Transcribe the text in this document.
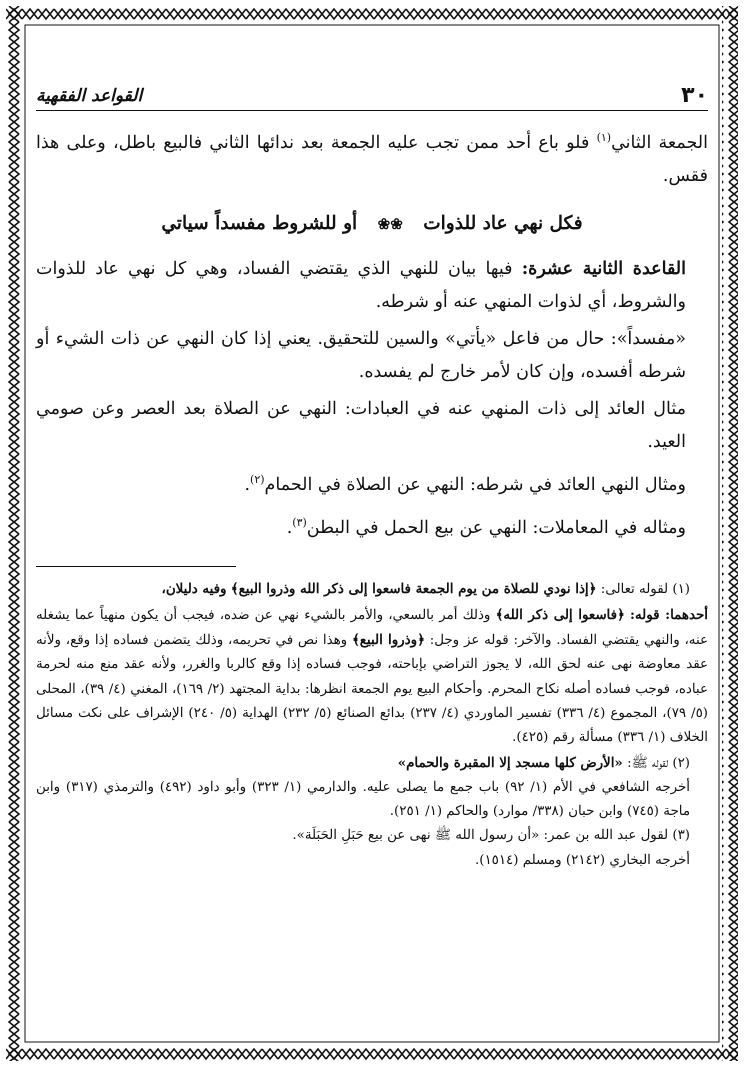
٣٠
القواعد الفقهية

الجمعة الثاني$^{(١)}$ فلو باع أحد ممن تجب عليه الجمعة بعد ندائها الثاني فالبيع باطل، وعلى هذا فقس.

فكل نهي عاد للذوات ❀❀ أو للشروط مفسداً سياتي

القاعدة الثانية عشرة: فيها بيان للنهي الذي يقتضي الفساد، وهي كل نهي عاد للذوات والشروط، أي لذوات المنهي عنه أو شرطه.

«مفسداً»: حال من فاعل «يأتي» والسين للتحقيق. يعني إذا كان النهي عن ذات الشيء أو شرطه أفسده، وإن كان لأمر خارج لم يفسده.

مثال العائد إلى ذات المنهي عنه في العبادات: النهي عن الصلاة بعد العصر وعن صومي العيد.

ومثال النهي العائد في شرطه: النهي عن الصلاة في الحمام$^{(٢)}$.

ومثاله في المعاملات: النهي عن بيع الحمل في البطن$^{(٣)}$.

(١) لقوله تعالى: ﴿إذا نودي للصلاة من يوم الجمعة فاسعوا إلى ذكر الله وذروا البيع﴾ وفيه دليلان،

أحدهما: قوله: ﴿فاسعوا إلى ذكر الله﴾ وذلك أمر بالسعي، والأمر بالشيء نهي عن ضده، فيجب أن يكون منهياً عما يشغله عنه، والنهي يقتضي الفساد. والآخر: قوله عز وجل: ﴿وذروا البيع﴾ وهذا نص في تحريمه، وذلك يتضمن فساده إذا وقع، ولأنه عقد معاوضة نهى عنه لحق الله، لا يجوز التراضي بإباحته، فوجب فساده إذا وقع كالربا والغرر، ولأنه عقد منع منه لحرمة عباده، فوجب فساده أصله نكاح المحرم. وأحكام البيع يوم الجمعة انظرها: بداية المجتهد (٢/ ١٦٩)، المغني (٤/ ٣٩)، المحلى (٥/ ٧٩)، المجموع (٤/ ٣٣٦) تفسير الماوردي (٤/ ٢٣٧) بدائع الصنائع (٥/ ٢٣٢) الهداية (٥/ ٢٤٠) الإشراف على نكت مسائل الخلاف (١/ ٣٣٦) مسألة رقم (٤٢٥).

(٢) لقوله ﷺ: «الأرض كلها مسجد إلا المقبرة والحمام»

أخرجه الشافعي في الأم (١/ ٩٢) باب جمع ما يصلى عليه. والدارمي (١/ ٣٢٣) وأبو داود (٤٩٢) والترمذي (٣١٧) وابن ماجة (٧٤٥) وابن حبان (٣٣٨/ موارد) والحاكم (١/ ٢٥١).

(٣) لقول عبد الله بن عمر: «أن رسول الله ﷺ نهى عن بيع حَبَلِ الحَبَلَة».

أخرجه البخاري (٢١٤٢) ومسلم (١٥١٤).
